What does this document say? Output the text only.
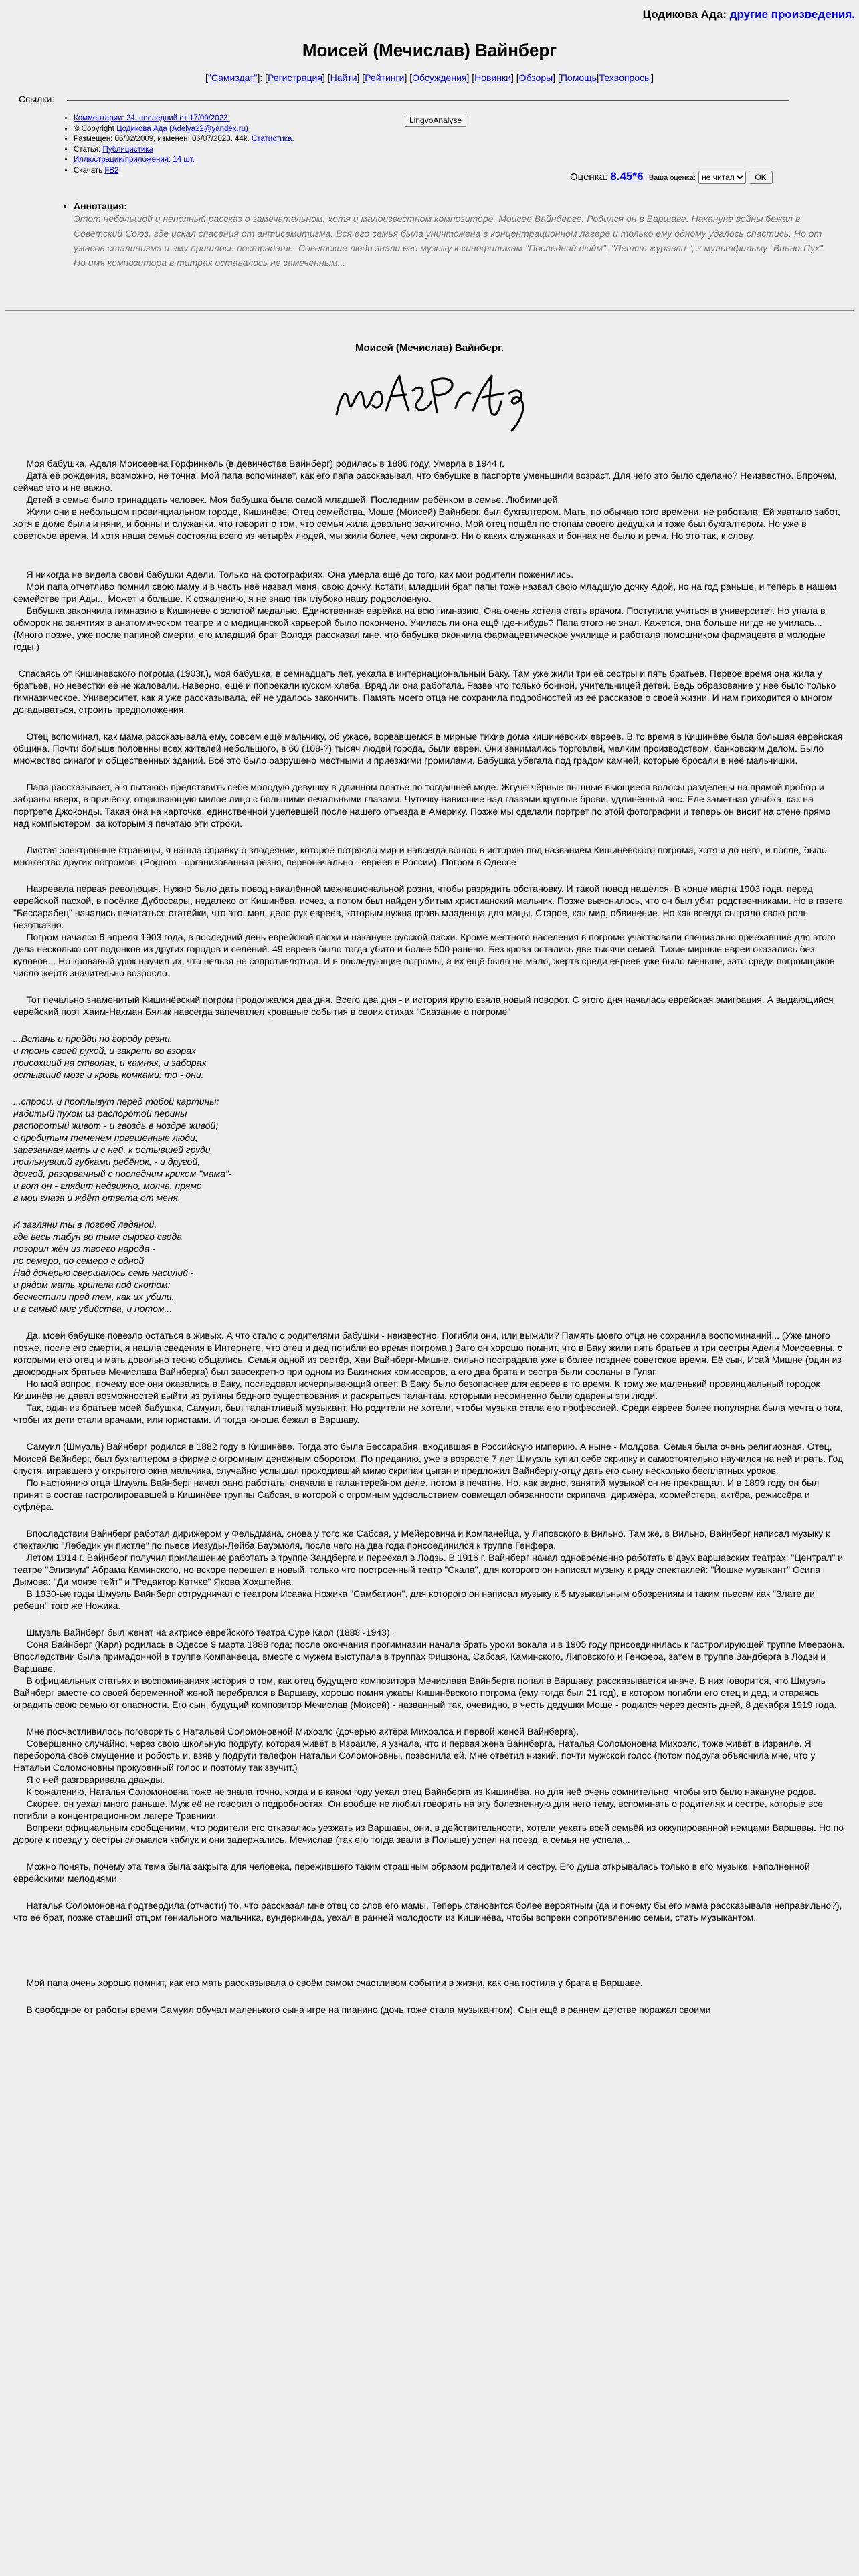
Цодикова Ада: другие произведения.
Моисей (Мечислав) Вайнберг
["Самиздат"]: [Регистрация] [Найти] [Рейтинги] [Обсуждения] [Новинки] [Обзоры] [Помощь|Техвопросы]
Ссылки:
• Комментарии: 24, последний от 17/09/2023.
• © Copyright Цодикова Ада (Adelya22@yandex.ru)
• Размещен: 06/02/2009, изменен: 06/07/2023. 44k. Статистика.
• Статья: Публицистика
• Иллюстрации/приложения: 14 шт.
• Скачать FB2
LingvoAnalyse
Оценка: 8.45*6 Ваша оценка:
не читал	OK
• Аннотация:
Этот небольшой и неполный рассказ о замечательном, хотя и малоизвестном композиторе, Моисее Вайнберге. Родился он в Варшаве. Накануне войны бежал в Советский Союз, где искал спасения от антисемитизма. Вся его семья была уничтожена в концентрационном лагере и только ему одному удалось спастись. Но от ужасов сталинизма и ему пришлось пострадать. Советские люди знали его музыку к кинофильмам "Последний дюйм", "Летят журавли ", к мультфильму "Винни-Пух". Но имя композитора в титрах оставалось не замеченным...
Моисей (Мечислав) Вайнберг.

Моя бабушка, Аделя Моисеевна Горфинкель (в девичестве Вайнберг) родилась в 1886 году. Умерла в 1944 г.

Дата её рождения, возможно, не точна. Мой папа вспоминает, как его папа рассказывал, что бабушке в паспорте уменьшили возраст. Для чего это было сделано? Неизвестно. Впрочем, сейчас это и не важно.

Детей в семье было тринадцать человек. Моя бабушка была самой младшей. Последним ребёнком в семье. Любимицей.

Жили они в небольшом провинциальном городе, Кишинёве. Отец семейства, Моше (Моисей) Вайнберг, был бухгалтером. Мать, по обычаю того времени, не работала. Ей хватало забот, хотя в доме были и няни, и бонны и служанки, что говорит о том, что семья жила довольно зажиточно. Мой отец пошёл по стопам своего дедушки и тоже был бухгалтером. Но уже в советское время. И хотя наша семья состояла всего из четырёх людей, мы жили более, чем скромно. Ни о каких служанках и боннах не было и речи. Но это так, к слову.

Я никогда не видела своей бабушки Адели. Только на фотографиях. Она умерла ещё до того, как мои родители поженились.

Мой папа отчетливо помнил свою маму и в честь неё назвал меня, свою дочку. Кстати, младший брат папы тоже назвал свою младшую дочку Адой, но на год раньше, и теперь в нашем семействе три Ады... Может и больше. К сожалению, я не знаю так глубоко нашу родословную.

Бабушка закончила гимназию в Кишинёве с золотой медалью. Единственная еврейка на всю гимназию. Она очень хотела стать врачом. Поступила учиться в университет. Но упала в обморок на занятиях в анатомическом театре и с медицинской карьерой было покончено. Училась ли она ещё где-нибудь? Папа этого не знал. Кажется, она больше нигде не училась... (Много позже, уже после папиной смерти, его младший брат Володя рассказал мне, что бабушка окончила фармацевтическое училище и работала помощником фармацевта в молодые годы.)

Спасаясь от Кишиневского погрома (1903г.), моя бабушка, в семнадцать лет, уехала в интернациональный Баку. Там уже жили три её сестры и пять братьев. Первое время она жила у братьев, но невестки её не жаловали. Наверно, ещё и попрекали куском хлеба. Вряд ли она работала. Разве что только бонной, учительницей детей. Ведь образование у неё было только гимназическое. Университет, как я уже рассказывала, ей не удалось закончить. Память моего отца не сохранила подробностей из её рассказов о своей жизни. И нам приходится о многом догадываться, строить предположения.

Отец вспоминал, как мама рассказывала ему, совсем ещё мальчику, об ужасе, ворвавшемся в мирные тихие дома кишинёвских евреев. В то время в Кишинёве была большая еврейская община. Почти больше половины всех жителей небольшого, в 60 (108-?) тысяч людей города, были евреи. Они занимались торговлей, мелким производством, банковским делом. Было множество синагог и общественных зданий. Всё это было разрушено местными и приезжими громилами. Бабушка убегала под градом камней, которые бросали в неё мальчишки.

Папа рассказывает, а я пытаюсь представить себе молодую девушку в длинном платье по тогдашней моде. Жгуче-чёрные пышные вьющиеся волосы разделены на прямой пробор и забраны вверх, в причёску, открывающую милое лицо с большими печальными глазами. Чуточку нависшие над глазами круглые брови, удлинённый нос. Еле заметная улыбка, как на портрете Джоконды. Такая она на карточке, единственной уцелевшей после нашего отъезда в Америку. Позже мы сделали портрет по этой фотографии и теперь он висит на стене прямо над компьютером, за которым я печатаю эти строки.

Листая электронные страницы, я нашла справку о злодеянии, которое потрясло мир и навсегда вошло в историю под названием Кишинёвского погрома, хотя и до него, и после, было множество других погромов. (Pogrom - организованная резня, первоначально - евреев в России). Погром в Одессе

Назревала первая революция. Нужно было дать повод накалённой межнациональной розни, чтобы разрядить обстановку. И такой повод нашёлся. В конце марта 1903 года, перед еврейской пасхой, в посёлке Дубоссары, недалеко от Кишинёва, исчез, а потом был найден убитым христианский мальчик. Позже выяснилось, что он был убит родственниками. Но в газете "Бессарабец" начались печататься статейки, что это, мол, дело рук евреев, которым нужна кровь младенца для мацы. Старое, как мир, обвинение. Но как всегда сыграло свою роль безотказно.

Погром начался 6 апреля 1903 года, в последний день еврейской пасхи и накануне русской пасхи. Кроме местного населения в погроме участвовали специально приехавшие для этого дела несколько сот подонков из других городов и селений. 49 евреев было тогда убито и более 500 ранено. Без крова остались две тысячи семей. Тихие мирные евреи оказались без куловов... Но кровавый урок научил их, что нельзя не сопротивляться. И в последующие погромы, а их ещё было не мало, жертв среди евреев уже было меньше, зато среди погромщиков число жертв значительно возросло.

Тот печально знаменитый Кишинёвский погром продолжался два дня. Всего два дня - и история круто взяла новый поворот. С этого дня началась еврейская эмиграция. А выдающийся еврейский поэт Хаим-Нахман Бялик навсегда запечатлел кровавые события в своих стихах "Сказание о погроме"

...Встань и пройди по городу резни,
и тронь своей рукой, и закрепи во взорах
присохший на стволах, и камнях, и заборах
остывший мозг и кровь комками: то - они.
...спроси, и проплывут перед тобой картины:
набитый пухом из распоротой перины
распоротый живот - и гвоздь в ноздре живой;
с пробитым теменем повешенные люди;
зарезанная мать и с ней, к остывшей груди
прильнувший губками ребёнок, - и другой,
другой, разорванный с последним криком "мама"-
и вот он - глядит недвижно, молча, прямо
в мои глаза и ждёт ответа от меня.
И загляни ты в погреб ледяной,
где весь табун во тьме сырого свода
позорил жён из твоего народа -
по семеро, по семеро с одной.
Над дочерью свершалось семь насилий -
и рядом мать хрипела под скотом;
бесчестили пред тем, как их убили,
и в самый миг убийства, и потом...

Да, моей бабушке повезло остаться в живых. А что стало с родителями бабушки - неизвестно. Погибли они, или выжили? Память моего отца не сохранила воспоминаний... (Уже много позже, после его смерти, я нашла сведения в Интернете, что отец и дед погибли во время погрома.) Зато он хорошо помнит, что в Баку жили пять братьев и три сестры Адели Моисеевны, с которыми его отец и мать довольно тесно общались. Семья одной из сестёр, Хаи Вайнберг-Мишне, сильно пострадала уже в более позднее советское время. Её сын, Исай Мишне (один из двоюродных братьев Мечислава Вайнберга) был завсекретно при одном из Бакинских комиссаров, а его два брата и сестра были сосланы в Гулаг.

Но мой вопрос, почему все они оказались в Баку, последовал исчерпывающий ответ. В Баку было безопаснее для евреев в то время. К тому же маленький провинциальный городок Кишинёв не давал возможностей выйти из рутины бедного существования и раскрыться талантам, которыми несомненно были одарены эти люди.

Так, один из братьев моей бабушки, Самуил, был талантливый музыкант. Но родители не хотели, чтобы музыка стала его профессией. Среди евреев более популярна была мечта о том, чтобы их дети стали врачами, или юристами. И тогда юноша бежал в Варшаву.

Самуил (Шмуэль) Вайнберг родился в 1882 году в Кишинёве. Тогда это была Бессарабия, входившая в Российскую империю. А ныне - Молдова. Семья была очень религиозная. Отец, Моисей Вайнберг, был бухгалтером в фирме с огромным денежным оборотом. По преданию, уже в возрасте 7 лет Шмуэль купил себе скрипку и самостоятельно научился на ней играть. Год спустя, игравшего у открытого окна мальчика, случайно услышал проходивший мимо скрипач цыган и предложил Вайнбергу-отцу дать его сыну несколько бесплатных уроков.

По настоянию отца Шмуэль Вайнберг начал рано работать: сначала в галантерейном деле, потом в печатне. Но, как видно, занятий музыкой он не прекращал. И в 1899 году он был принят в состав гастролировавшей в Кишинёве труппы Сабсая, в которой с огромным удовольствием совмещал обязанности скрипача, дирижёра, хормейстера, актёра, режиссёра и суфлёра.

Впоследствии Вайнберг работал дирижером у Фельдмана, снова у того же Сабсая, у Мейеровича и Компанейца, у Липовского в Вильно. Там же, в Вильно, Вайнберг написал музыку к спектаклю "Лебедик ун пистле" по пьесе Иезуды-Лейба Бауэмоля, после чего на два года присоединился к труппе Генфера.

Летом 1914 г. Вайнберг получил приглашение работать в труппе Зандберга и переехал в Лодзь. В 1916 г. Вайнберг начал одновременно работать в двух варшавских театрах: "Централ" и театре "Элизиум" Абрама Каминского, но вскоре перешел в новый, только что построенный театр "Скала", для которого он написал музыку к ряду спектаклей: "Йошке музыкант" Осипа Дымова; "Ди моизе тейт" и "Редактор Катчке" Якова Хохштейна.

В 1930-ые годы Шмуэль Вайнберг сотрудничал с театром Исаака Ножика "Самбатион", для которого он написал музыку к 5 музыкальным обозрениям и таким пьесам как "Злате ди ребецн" того же Ножика.

Шмуэль Вайнберг был женат на актрисе еврейского театра Суре Карл (1888 -1943).

Соня Вайнберг (Карл) родилась в Одессе 9 марта 1888 года; после окончания прогимназии начала брать уроки вокала и в 1905 году присоединилась к гастролирующей труппе Меерзона. Впоследствии была примадонной в труппе Компанееца, вместе с мужем выступала в труппах Фишзона, Сабсая, Каминского, Липовского и Генфера, затем в труппе Зандберга в Лодзи и Варшаве.

В официальных статьях и воспоминаниях история о том, как отец будущего композитора Мечислава Вайнберга попал в Варшаву, рассказывается иначе. В них говорится, что Шмуэль Вайнберг вместе со своей беременной женой перебрался в Варшаву, хорошо помня ужасы Кишинёвского погрома (ему тогда был 21 год), в котором погибли его отец и дед, и стараясь оградить свою семью от опасности. Его сын, будущий композитор Мечислав (Моисей) - названный так, очевидно, в честь дедушки Моше - родился через десять дней, 8 декабря 1919 года.

Мне посчастливилось поговорить с Натальей Соломоновной Михоэлс (дочерью актёра Михоэлса и первой женой Вайнберга).

Совершенно случайно, через свою школьную подругу, которая живёт в Израиле, я узнала, что и первая жена Вайнберга, Наталья Соломоновна Михоэлс, тоже живёт в Израиле. Я переборола своё смущение и робость и, взяв у подруги телефон Натальи Соломоновны, позвонила ей. Мне ответил низкий, почти мужской голос (потом подруга объяснила мне, что у Натальи Соломоновны прокуренный голос и поэтому так звучит.)

Я с ней разговаривала дважды.

К сожалению, Наталья Соломоновна тоже не знала точно, когда и в каком году уехал отец Вайнберга из Кишинёва, но для неё очень сомнительно, чтобы это было накануне родов.

Скорее, он уехал много раньше. Муж её не говорил о подробностях. Он вообще не любил говорить на эту болезненную для него тему, вспоминать о родителях и сестре, которые все погибли в концентрационном лагере Травники.

Вопреки официальным сообщениям, что родители его отказались уезжать из Варшавы, они, в действительности, хотели уехать всей семьёй из оккупированной немцами Варшавы. Но по дороге к поезду у сестры сломался каблук и они задержались. Мечислав (так его тогда звали в Польше) успел на поезд, а семья не успела...

Можно понять, почему эта тема была закрыта для человека, пережившего таким страшным образом родителей и сестру. Его душа открывалась только в его музыке, наполненной еврейскими мелодиями.

Наталья Соломоновна подтвердила (отчасти) то, что рассказал мне отец со слов его мамы. Теперь становится более вероятным (да и почему бы его мама рассказывала неправильно?), что её брат, позже ставший отцом гениального мальчика, вундеркинда, уехал в ранней молодости из Кишинёва, чтобы вопреки сопротивлению семьи, стать музыкантом.

Мой папа очень хорошо помнит, как его мать рассказывала о своём самом счастливом событии в жизни, как она гостила у брата в Варшаве.

В свободное от работы время Самуил обучал маленького сына игре на пианино (дочь тоже стала музыкантом). Сын ещё в раннем детстве поражал своими
